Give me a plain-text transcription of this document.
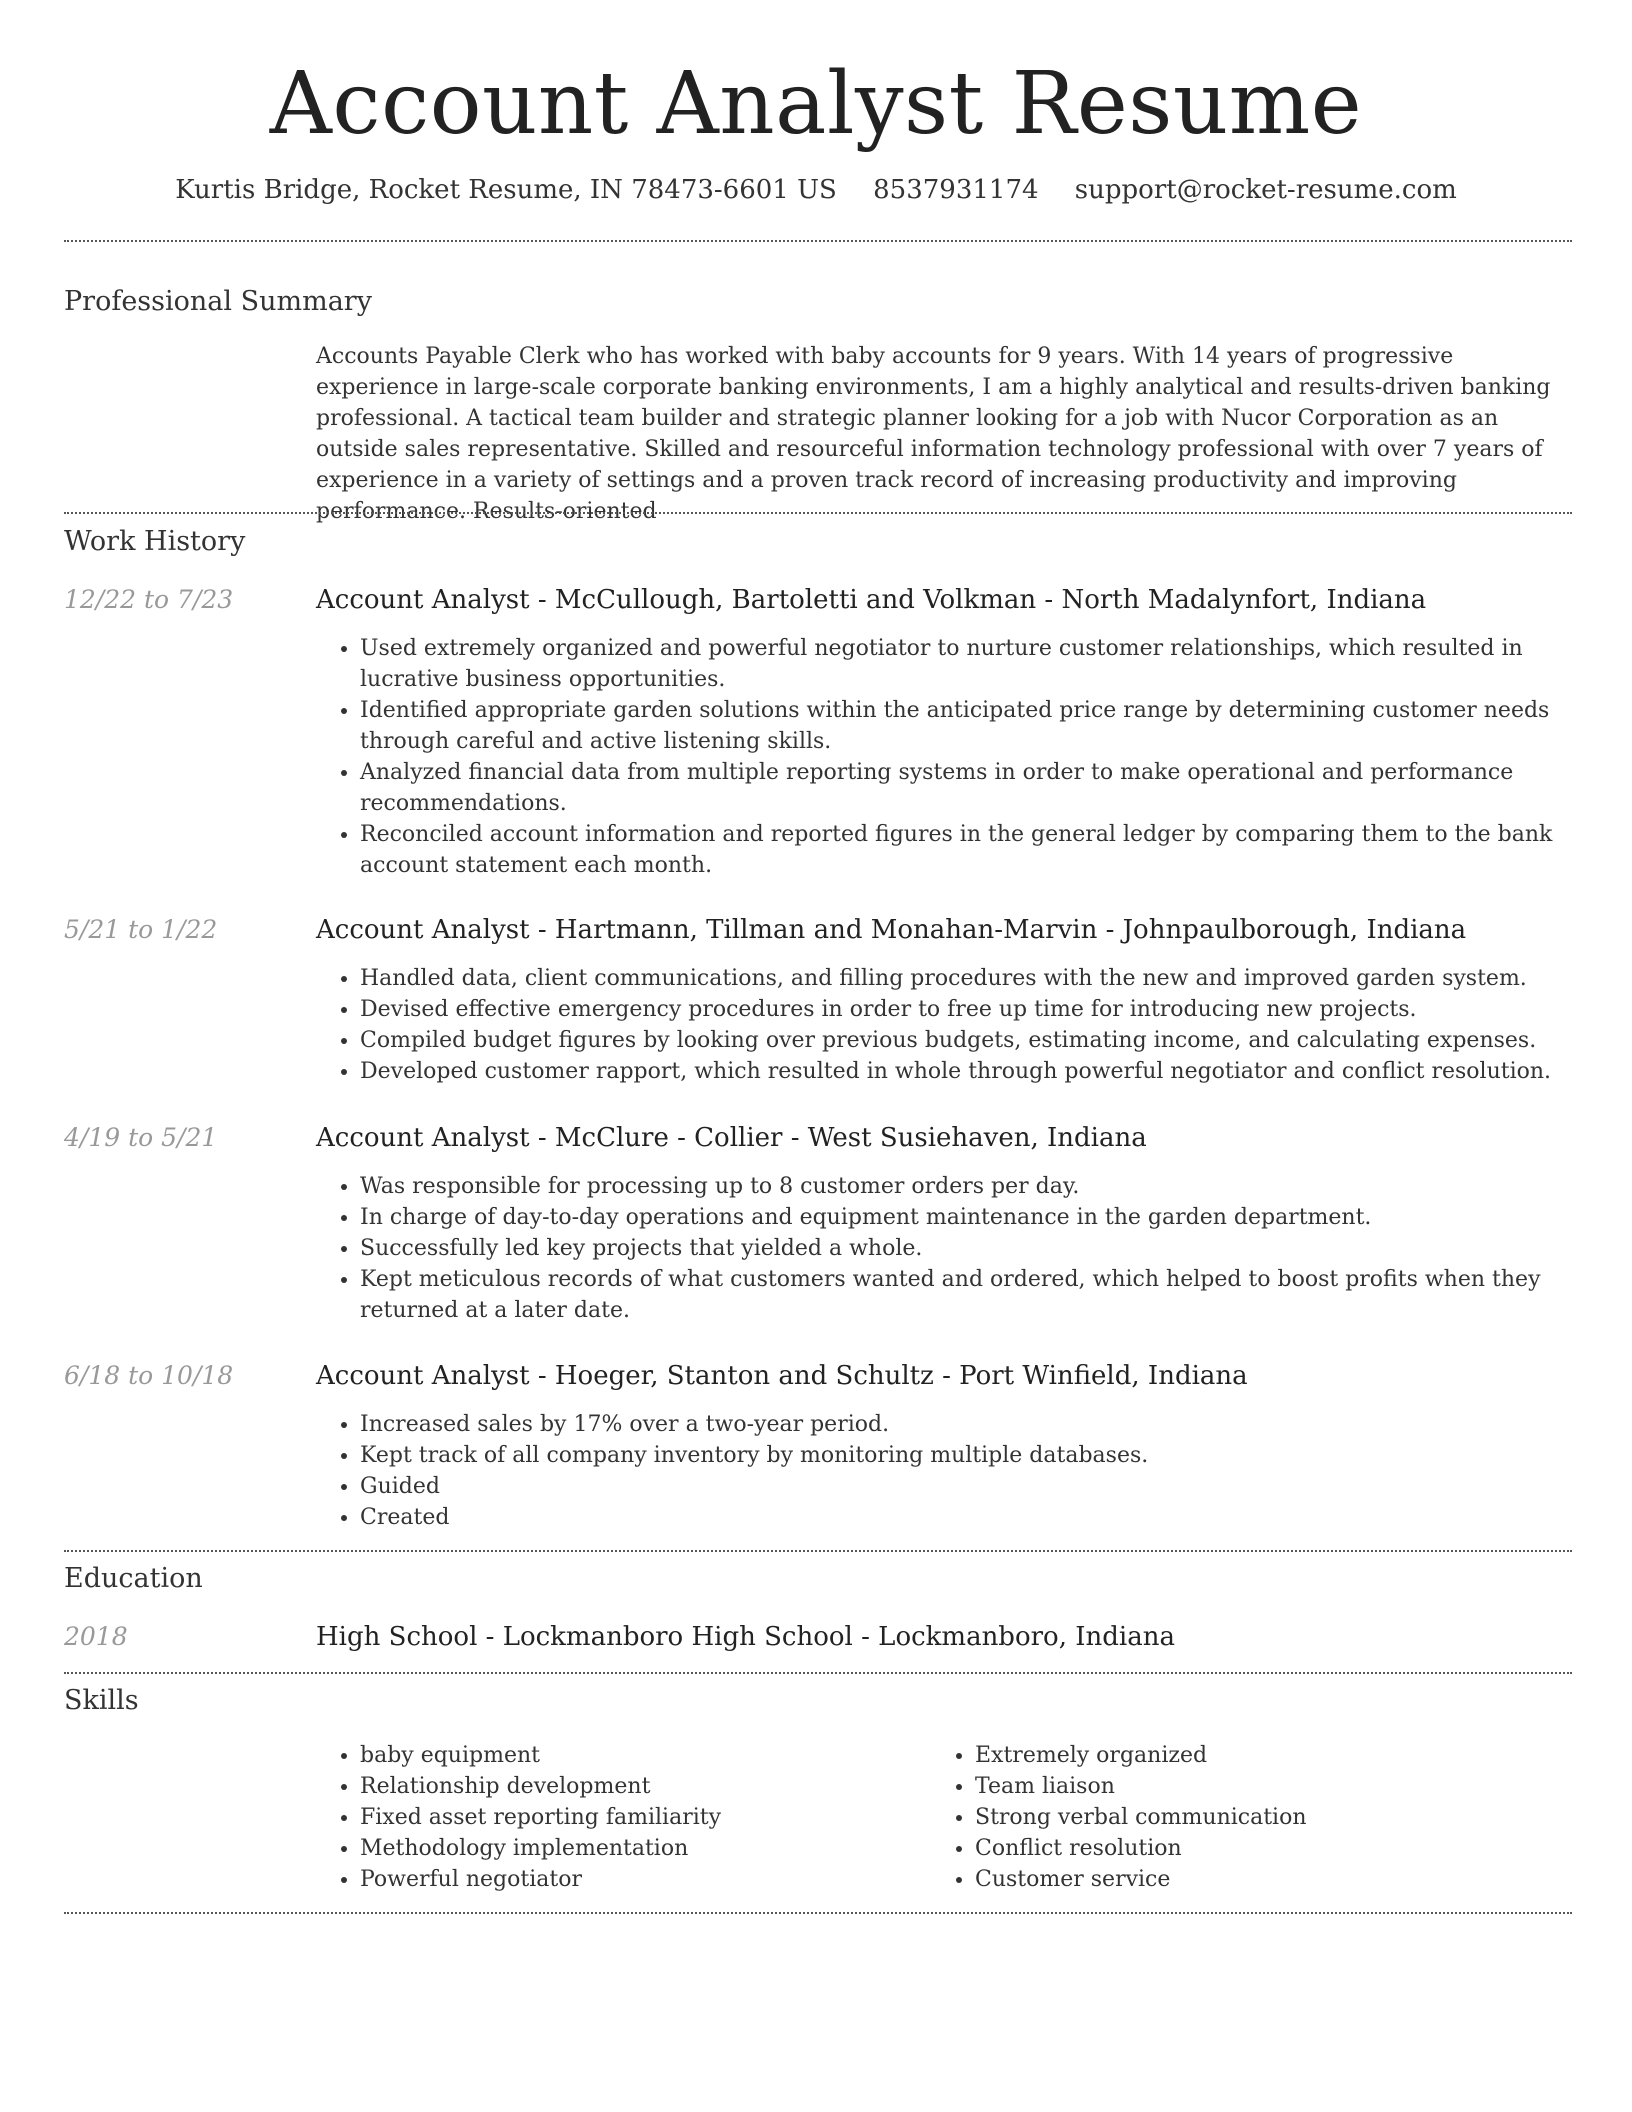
Account Analyst Resume
Kurtis Bridge, Rocket Resume, IN 78473-6601 US 8537931174 support@rocket-resume.com
Professional Summary

Accounts Payable Clerk who has worked with baby accounts for 9 years. With 14 years of progressive experience in large-scale corporate banking environments, I am a highly analytical and results-driven banking professional. A tactical team builder and strategic planner looking for a job with Nucor Corporation as an outside sales representative. Skilled and resourceful information technology professional with over 7 years of experience in a variety of settings and a proven track record of increasing productivity and improving performance. Results-oriented

Work History
12/22 to 7/23	Account Analyst - McCullough, Bartoletti and Volkman - North Madalynfort, Indiana
• Used extremely organized and powerful negotiator to nurture customer relationships, which resulted in lucrative business opportunities.
• Identified appropriate garden solutions within the anticipated price range by determining customer needs through careful and active listening skills.
• Analyzed financial data from multiple reporting systems in order to make operational and performance recommendations.
• Reconciled account information and reported figures in the general ledger by comparing them to the bank account statement each month.
5/21 to 1/22	Account Analyst - Hartmann, Tillman and Monahan-Marvin - Johnpaulborough, Indiana
• Handled data, client communications, and filling procedures with the new and improved garden system.
• Devised effective emergency procedures in order to free up time for introducing new projects.
• Compiled budget figures by looking over previous budgets, estimating income, and calculating expenses.
• Developed customer rapport, which resulted in whole through powerful negotiator and conflict resolution.
4/19 to 5/21	Account Analyst - McClure - Collier - West Susiehaven, Indiana
• Was responsible for processing up to 8 customer orders per day.
• In charge of day-to-day operations and equipment maintenance in the garden department.
• Successfully led key projects that yielded a whole.
• Kept meticulous records of what customers wanted and ordered, which helped to boost profits when they returned at a later date.
6/18 to 10/18	Account Analyst - Hoeger, Stanton and Schultz - Port Winfield, Indiana
• Increased sales by 17% over a two-year period.
• Kept track of all company inventory by monitoring multiple databases.
• Guided
• Created
Education
2018	High School - Lockmanboro High School - Lockmanboro, Indiana
Skills
• baby equipment
• Relationship development
• Fixed asset reporting familiarity
• Methodology implementation
• Powerful negotiator
• Extremely organized
• Team liaison
• Strong verbal communication
• Conflict resolution
• Customer service
